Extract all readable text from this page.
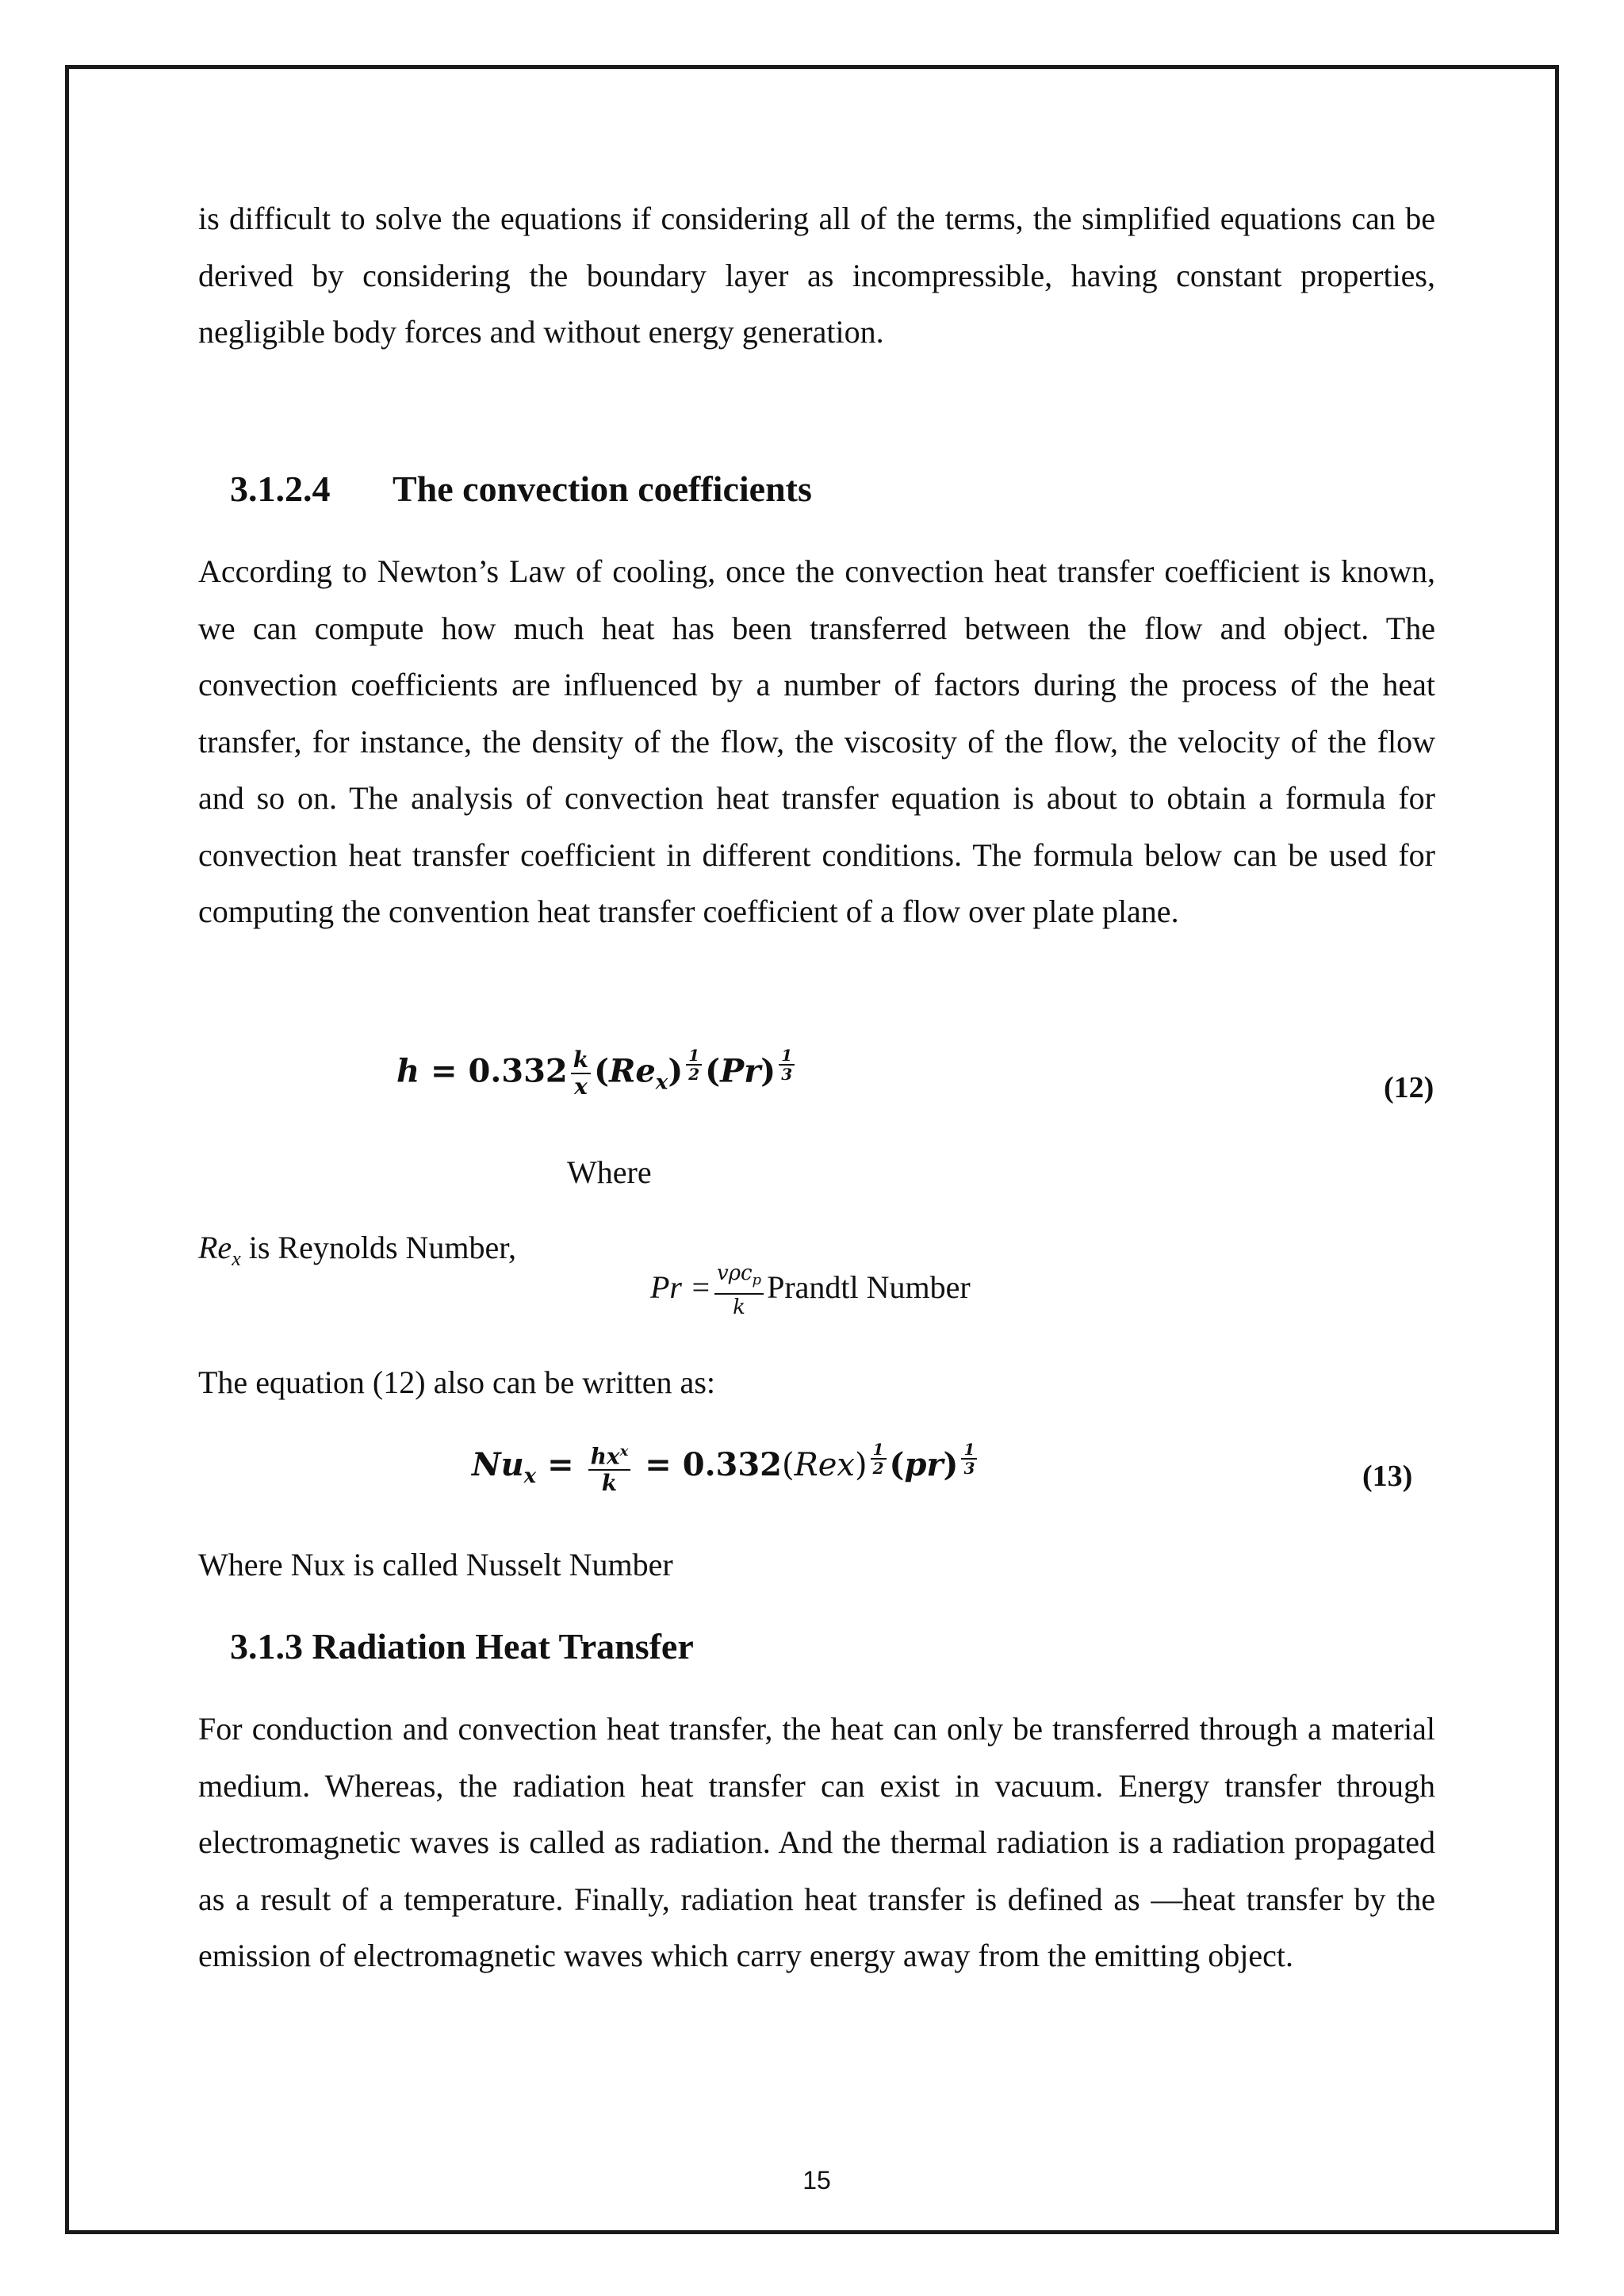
is difficult to solve the equations if considering all of the terms, the simplified equations can be derived by considering the boundary layer as incompressible, having constant properties, negligible body forces and without energy generation.

3.1.2.4 The convection coefficients

According to Newton’s Law of cooling, once the convection heat transfer coefficient is known, we can compute how much heat has been transferred between the flow and object. The convection coefficients are influenced by a number of factors during the process of the heat transfer, for instance, the density of the flow, the viscosity of the flow, the velocity of the flow and so on. The analysis of convection heat transfer equation is about to obtain a formula for convection heat transfer coefficient in different conditions. The formula below can be used for computing the convention heat transfer coefficient of a flow over plate plane.

$h = 0.332 \frac{k}{x} (Re_x)$ $^{\frac{1}{2}}$ (Pr) $^{\frac{1}{3}}$
(12)

Where

$Re_x$ is Reynolds Number,

$Pr = \frac{v\rho c_p}{k}$ Prandtl Number

The equation (12) also can be written as:

$Nu_x = \frac{hx^x}{k} = 0.332(Rex)$ $^{\frac{1}{2}}$ (pr) $^{\frac{1}{3}}$	(13)

Where Nux is called Nusselt Number

3.1.3 Radiation Heat Transfer

For conduction and convection heat transfer, the heat can only be transferred through a material medium. Whereas, the radiation heat transfer can exist in vacuum. Energy transfer through electromagnetic waves is called as radiation. And the thermal radiation is a radiation propagated as a result of a temperature. Finally, radiation heat transfer is defined as ―heat transfer by the emission of electromagnetic waves which carry energy away from the emitting object.

15
